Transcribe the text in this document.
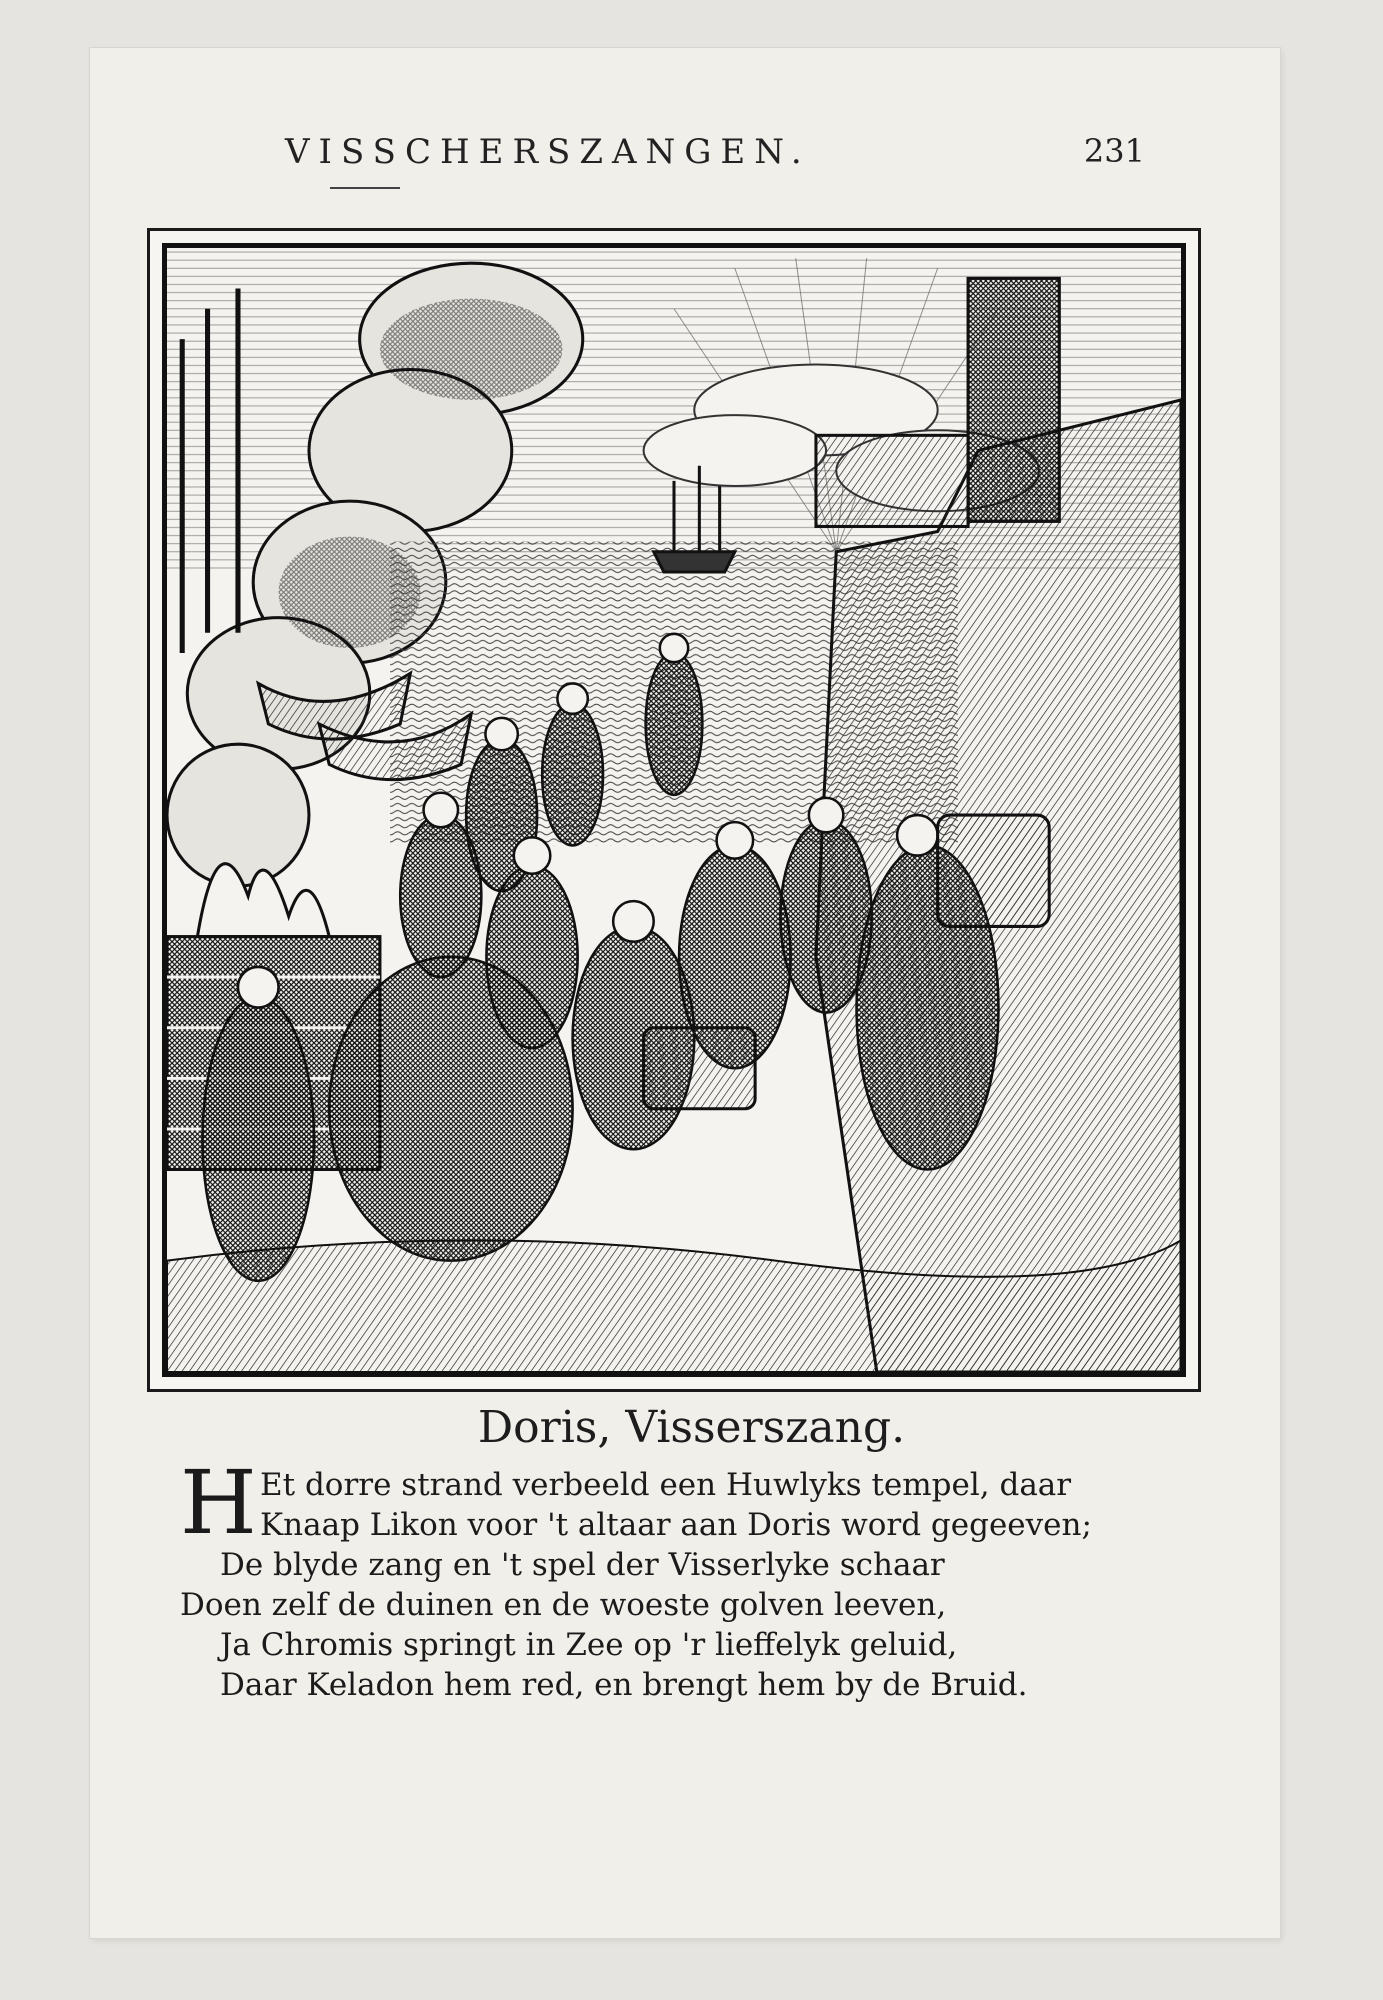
VISSCHERSZANGEN.	231
Doris, Visserszang.
H Et dorre strand verbeeld een Huwlyks tempel, daar
Knaap Likon voor 't altaar aan Doris word gegeeven;
De blyde zang en 't spel der Visserlyke schaar
Doen zelf de duinen en de woeste golven leeven,
Ja Chromis springt in Zee op 'r lieffelyk geluid,
Daar Keladon hem red, en brengt hem by de Bruid.
